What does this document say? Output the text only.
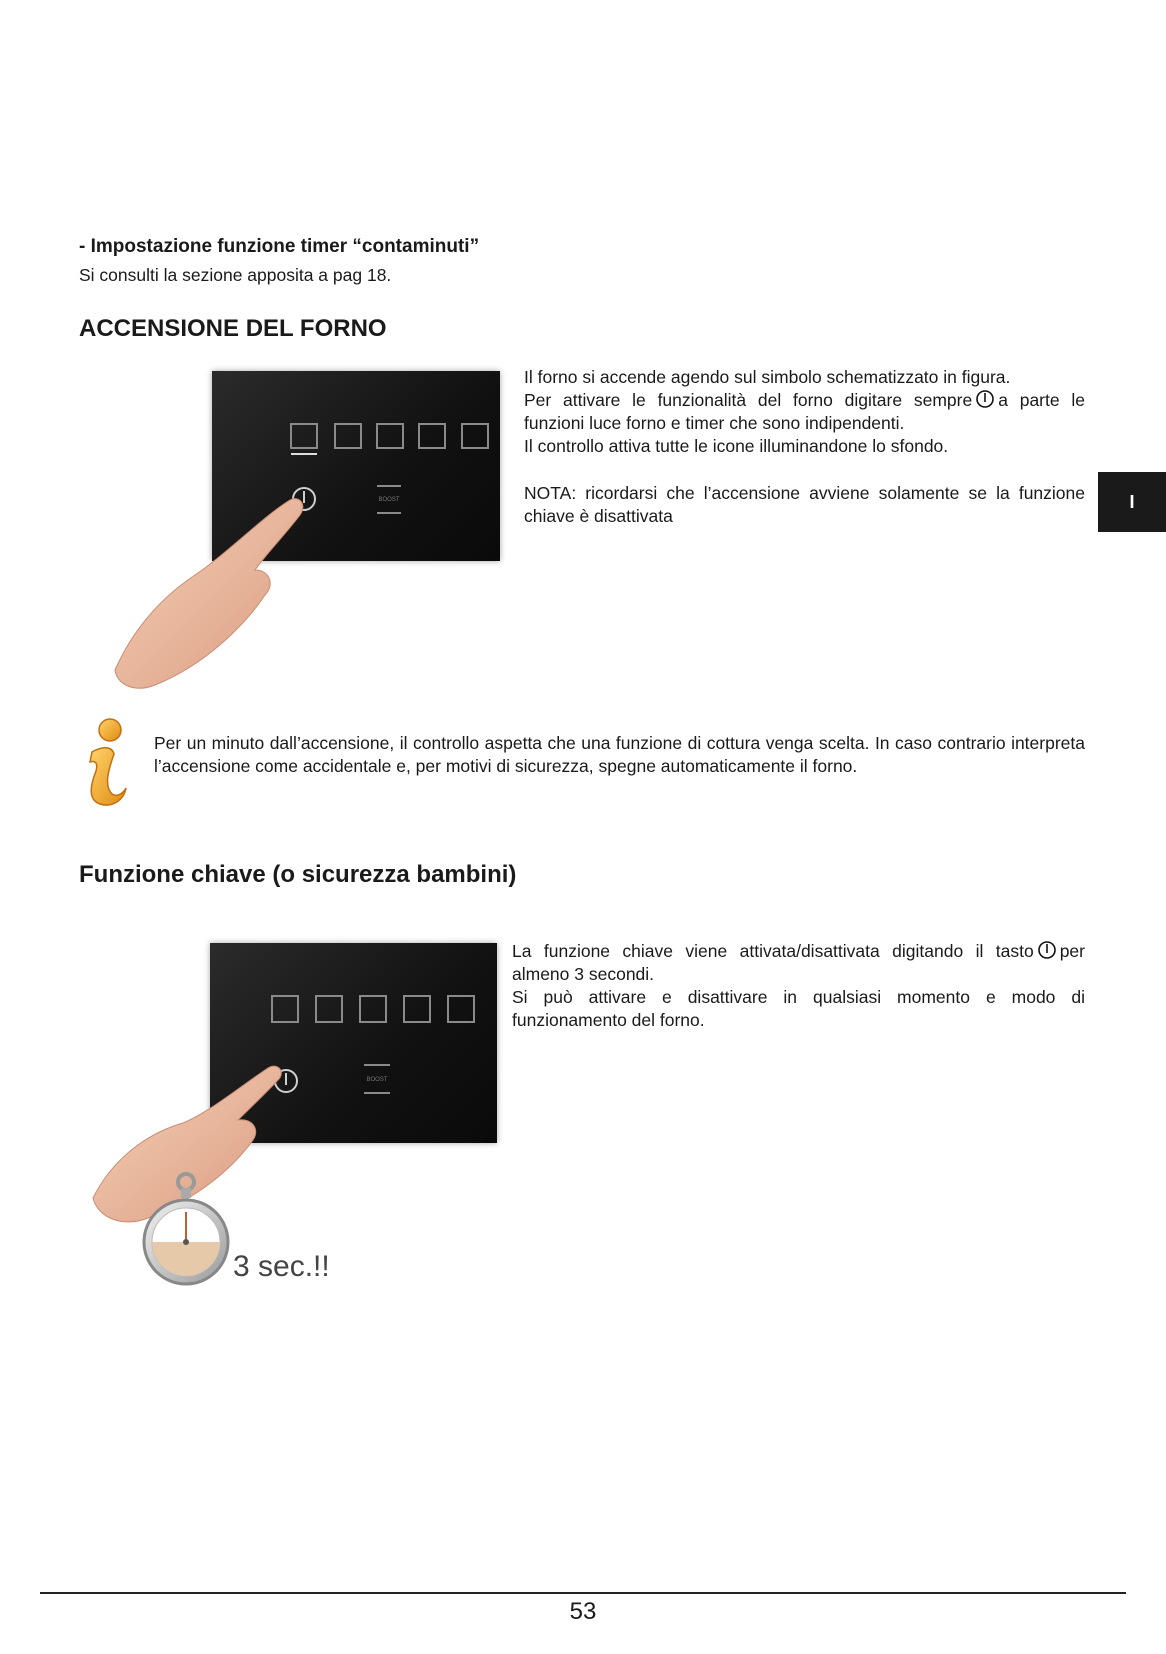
- Impostazione funzione timer “contaminuti”
Si consulti la sezione apposita a pag 18.
ACCENSIONE DEL FORNO
BOOST
Il forno si accende agendo sul simbolo schematizzato in figura.
Per attivare le funzionalità del forno digitare sempre a parte le funzioni luce forno e timer che sono indipendenti.
Il controllo attiva tutte le icone illuminandone lo sfondo.
NOTA: ricordarsi che l’accensione avviene solamente se la funzione chiave è disattivata
I
Per un minuto dall’accensione, il controllo aspetta che una funzione di cottura venga scelta. In caso contrario interpreta l’accensione come accidentale e, per motivi di sicurezza, spegne automaticamente il forno.
Funzione chiave (o sicurezza bambini)
BOOST
3 sec.!!
La funzione chiave viene attivata/disattivata digitando il tasto per almeno 3 secondi.
Si può attivare e disattivare in qualsiasi momento e modo di funzionamento del forno.
53
